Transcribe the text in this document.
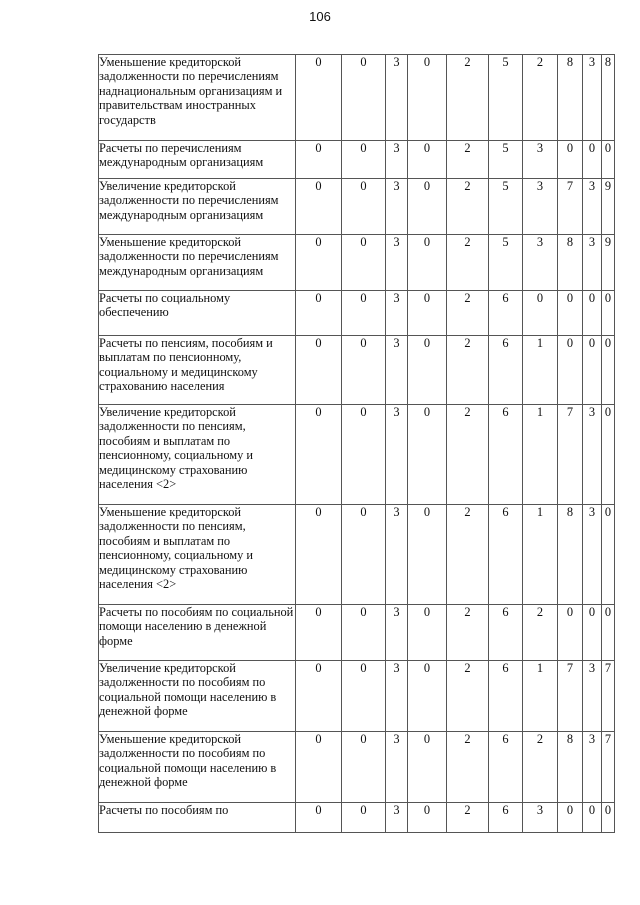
106
Уменьшение кредиторской задолженности по перечислениям наднациональным организациям и правительствам иностранных государств	0	0	3	0	2	5	2	8	3	8
Расчеты по перечислениям международным организациям	0	0	3	0	2	5	3	0	0	0
Увеличение кредиторской задолженности по перечислениям международным организациям	0	0	3	0	2	5	3	7	3	9
Уменьшение кредиторской задолженности по перечислениям международным организациям	0	0	3	0	2	5	3	8	3	9
Расчеты по социальному обеспечению	0	0	3	0	2	6	0	0	0	0
Расчеты по пенсиям, пособиям и выплатам по пенсионному, социальному и медицинскому страхованию населения	0	0	3	0	2	6	1	0	0	0
Увеличение кредиторской задолженности по пенсиям, пособиям и выплатам по пенсионному, социальному и медицинскому страхованию населения <2>	0	0	3	0	2	6	1	7	3	0
Уменьшение кредиторской задолженности по пенсиям, пособиям и выплатам по пенсионному, социальному и медицинскому страхованию населения <2>	0	0	3	0	2	6	1	8	3	0
Расчеты по пособиям по социальной помощи населению в денежной форме	0	0	3	0	2	6	2	0	0	0
Увеличение кредиторской задолженности по пособиям по социальной помощи населению в денежной форме	0	0	3	0	2	6	1	7	3	7
Уменьшение кредиторской задолженности по пособиям по социальной помощи населению в денежной форме	0	0	3	0	2	6	2	8	3	7
Расчеты по пособиям по	0	0	3	0	2	6	3	0	0	0
